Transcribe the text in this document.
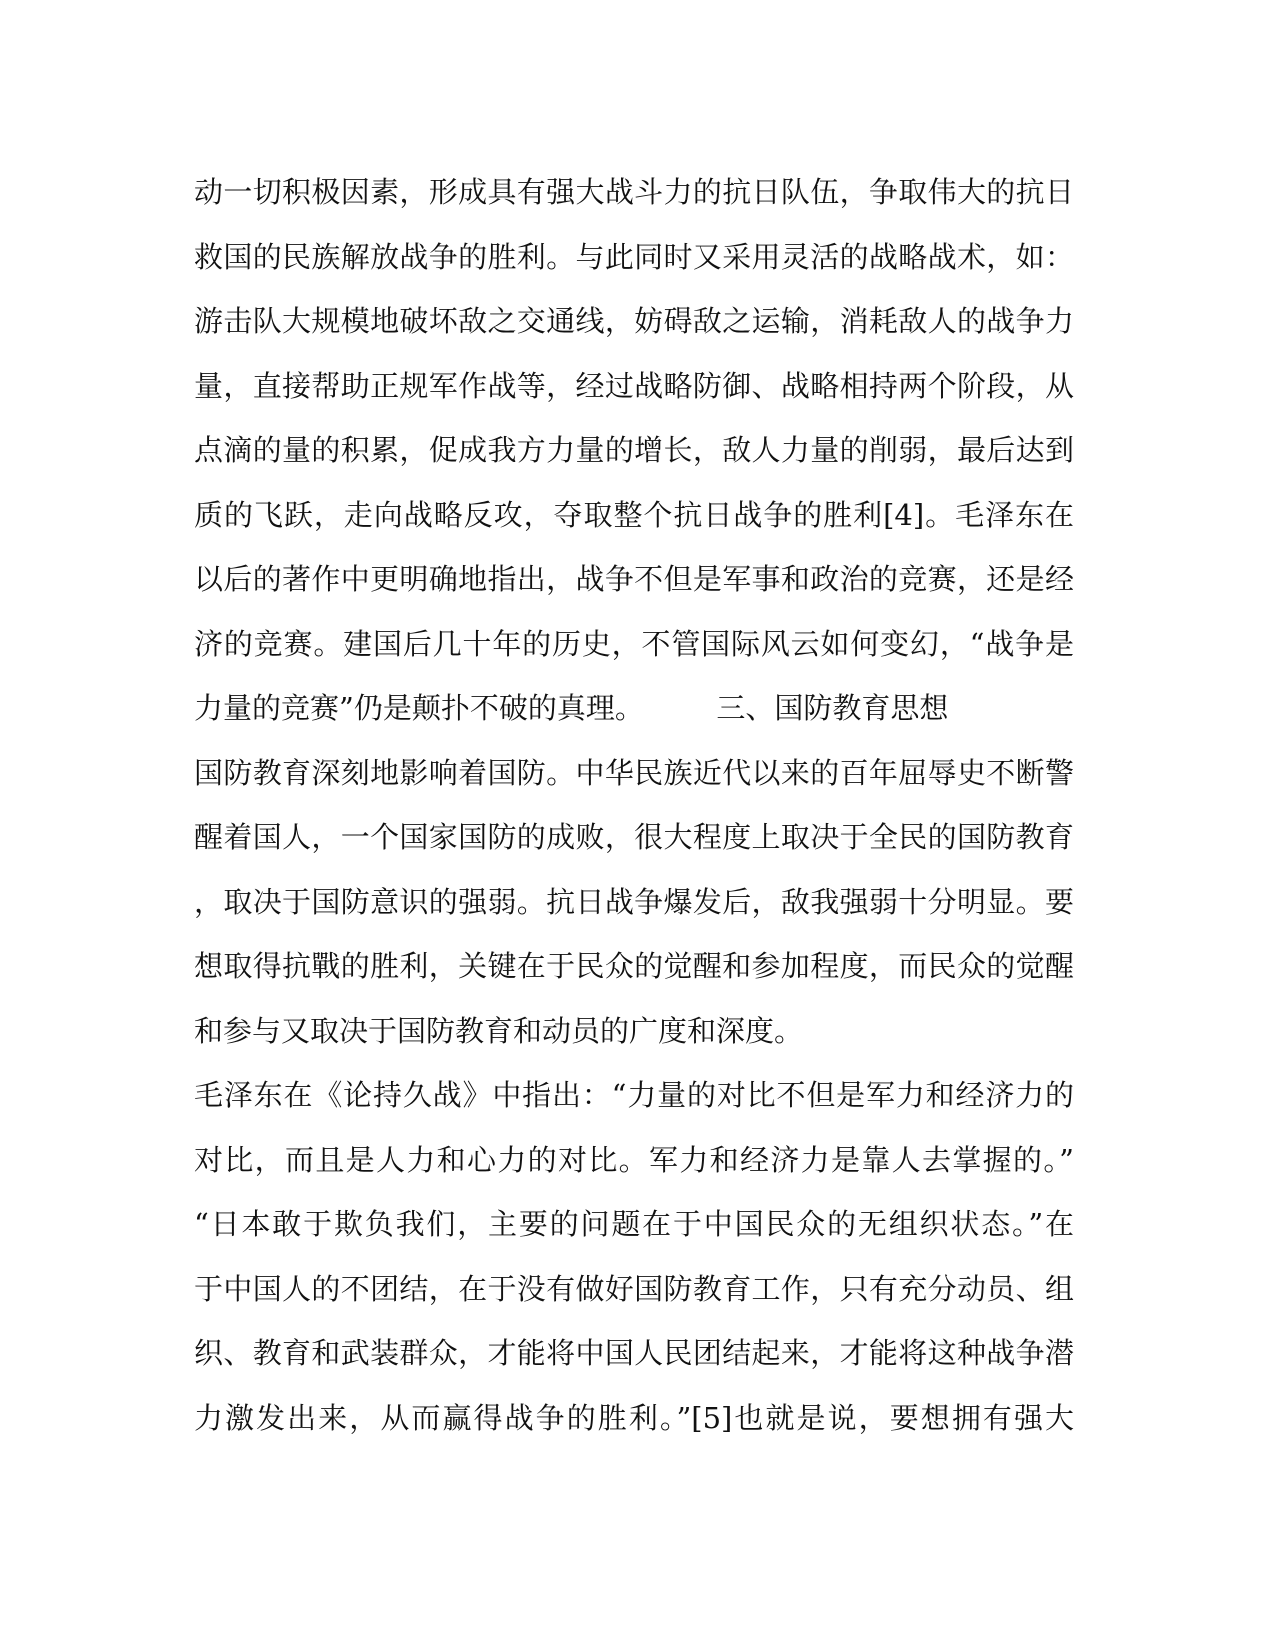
动一切积极因素，形成具有强大战斗力的抗日队伍，争取伟大的抗日
救国的民族解放战争的胜利。与此同时又采用灵活的战略战术，如：
游击队大规模地破坏敌之交通线，妨碍敌之运输，消耗敌人的战争力
量，直接帮助正规军作战等，经过战略防御、战略相持两个阶段，从
点滴的量的积累，促成我方力量的增长，敌人力量的削弱，最后达到
质的飞跃，走向战略反攻，夺取整个抗日战争的胜利[4]。毛泽东在
以后的著作中更明确地指出，战争不但是军事和政治的竞赛，还是经
济的竞赛。建国后几十年的历史，不管国际风云如何变幻，“战争是
力量的竞赛”仍是颠扑不破的真理。　　　三、国防教育思想
国防教育深刻地影响着国防。中华民族近代以来的百年屈辱史不断警
醒着国人，一个国家国防的成败，很大程度上取决于全民的国防教育
，取决于国防意识的强弱。抗日战争爆发后，敌我强弱十分明显。要
想取得抗戰的胜利，关键在于民众的觉醒和参加程度，而民众的觉醒
和参与又取决于国防教育和动员的广度和深度。
毛泽东在《论持久战》中指出：“力量的对比不但是军力和经济力的
对比，而且是人力和心力的对比。军力和经济力是靠人去掌握的。”
“日本敢于欺负我们，主要的问题在于中国民众的无组织状态。”在
于中国人的不团结，在于没有做好国防教育工作，只有充分动员、组
织、教育和武装群众，才能将中国人民团结起来，才能将这种战争潜
力激发出来，从而赢得战争的胜利。”[5]也就是说，要想拥有强大
